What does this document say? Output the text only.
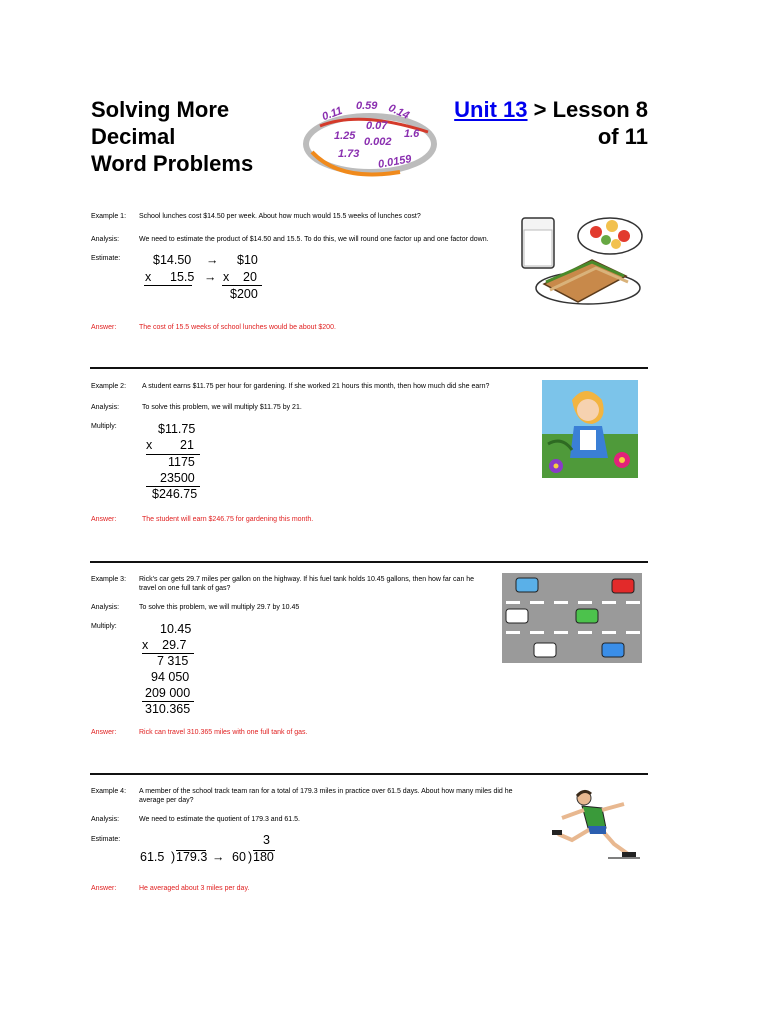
Solving More
Decimal
Word Problems
0.11 0.59 0.14
0.07
1.6
1.25 0.002
1.73 0.0159
Unit 13 > Lesson 8
of 11
Example 1: School lunches cost $14.50 per week. About how much would 15.5 weeks of lunches cost?
Analysis:	We need to estimate the product of $14.50 and 15.5. To do this, we will round one factor up and one factor down.
Estimate:	$14.50 → $10
x 15.5 → x 20
$200
Answer:	The cost of 15.5 weeks of school lunches would be about $200.
Example 2: A student earns $11.75 per hour for gardening. If she worked 21 hours this month, then how much did she earn?
Analysis:	To solve this problem, we will multiply $11.75 by 21.
Multiply:	$11.75
x        21
1175
23500
$246.75
Answer:	The student will earn $246.75 for gardening this month.
Example 3: Rick's car gets 29.7 miles per gallon on the highway. If his fuel tank holds 10.45 gallons, then how far can he travel on one full tank of gas?
Analysis:	To solve this problem, we will multiply 29.7 by 10.45
Multiply:	10.45
x    29.7
7 315
94 050
209 000
310.365
Answer:	Rick can travel 310.365 miles with one full tank of gas.
Example 4: A member of the school track team ran for a total of 179.3 miles in practice over 61.5 days. About how many miles did he average per day?
Analysis:	We need to estimate the quotient of 179.3 and 61.5.
Estimate:	3
61.5 ) 179.3 → 60 ) 180
Answer:	He averaged about 3 miles per day.
